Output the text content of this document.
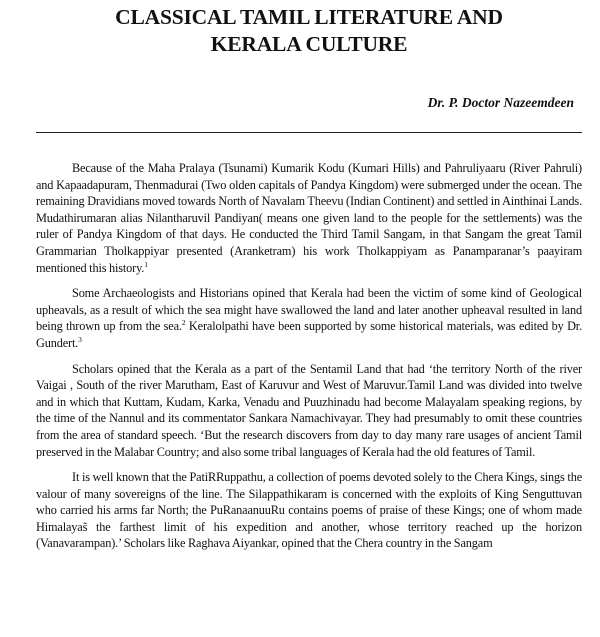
CLASSICAL TAMIL LITERATURE AND
KERALA CULTURE

Dr. P. Doctor Nazeemdeen

Because of the Maha Pralaya (Tsunami) Kumarik Kodu (Kumari Hills) and Pahruliyaaru (River Pahruli) and Kapaadapuram, Thenmadurai (Two olden capitals of Pandya Kingdom) were submerged under the ocean. The remaining Dravidians moved towards North of Navalam Theevu (Indian Continent) and settled in Ainthinai Lands. Mudathirumaran alias Nilantharuvil Pandiyan( means one given land to the people for the settlements) was the ruler of Pandya Kingdom of that days. He conducted the Third Tamil Sangam, in that Sangam the great Tamil Grammarian Tholkappiyar presented (Aranketram) his work Tholkappiyam as Panamparanar’s paayiram mentioned this history.$^1$

Some Archaeologists and Historians opined that Kerala had been the victim of some kind of Geological upheavals, as a result of which the sea might have swallowed the land and later another upheaval resulted in land being thrown up from the sea.$^2$ Keralolpathi have been supported by some historical materials, was edited by Dr. Gundert.$^3$

Scholars opined that the Kerala as a part of the Sentamil Land that had ‘the territory North of the river Vaigai , South of the river Marutham, East of Karuvur and West of Maruvur.Tamil Land was divided into twelve and in which that Kuttam, Kudam, Karka, Venadu and Puuzhinadu had become Malayalam speaking regions, by the time of the Nannul and its commentator Sankara Namachivayar. They had presumably to omit these countries from the area of standard speech. ‘But the research discovers from day to day many rare usages of ancient Tamil preserved in the Malabar Country; and also some tribal languages of Kerala had the old features of Tamil.

It is well known that the PatiRRuppathu, a collection of poems devoted solely to the Chera Kings, sings the valour of many sovereigns of the line. The Silappathikaram is concerned with the exploits of King Senguttuvan who carried his arms far North; the PuRanaanuuRu contains poems of praise of these Kings; one of whom made Himalayas̃ the farthest limit of his expedition and another, whose territory reached up the horizon (Vanavarampan).’ Scholars like Raghava Aiyankar, opined that the Chera country in the Sangam
